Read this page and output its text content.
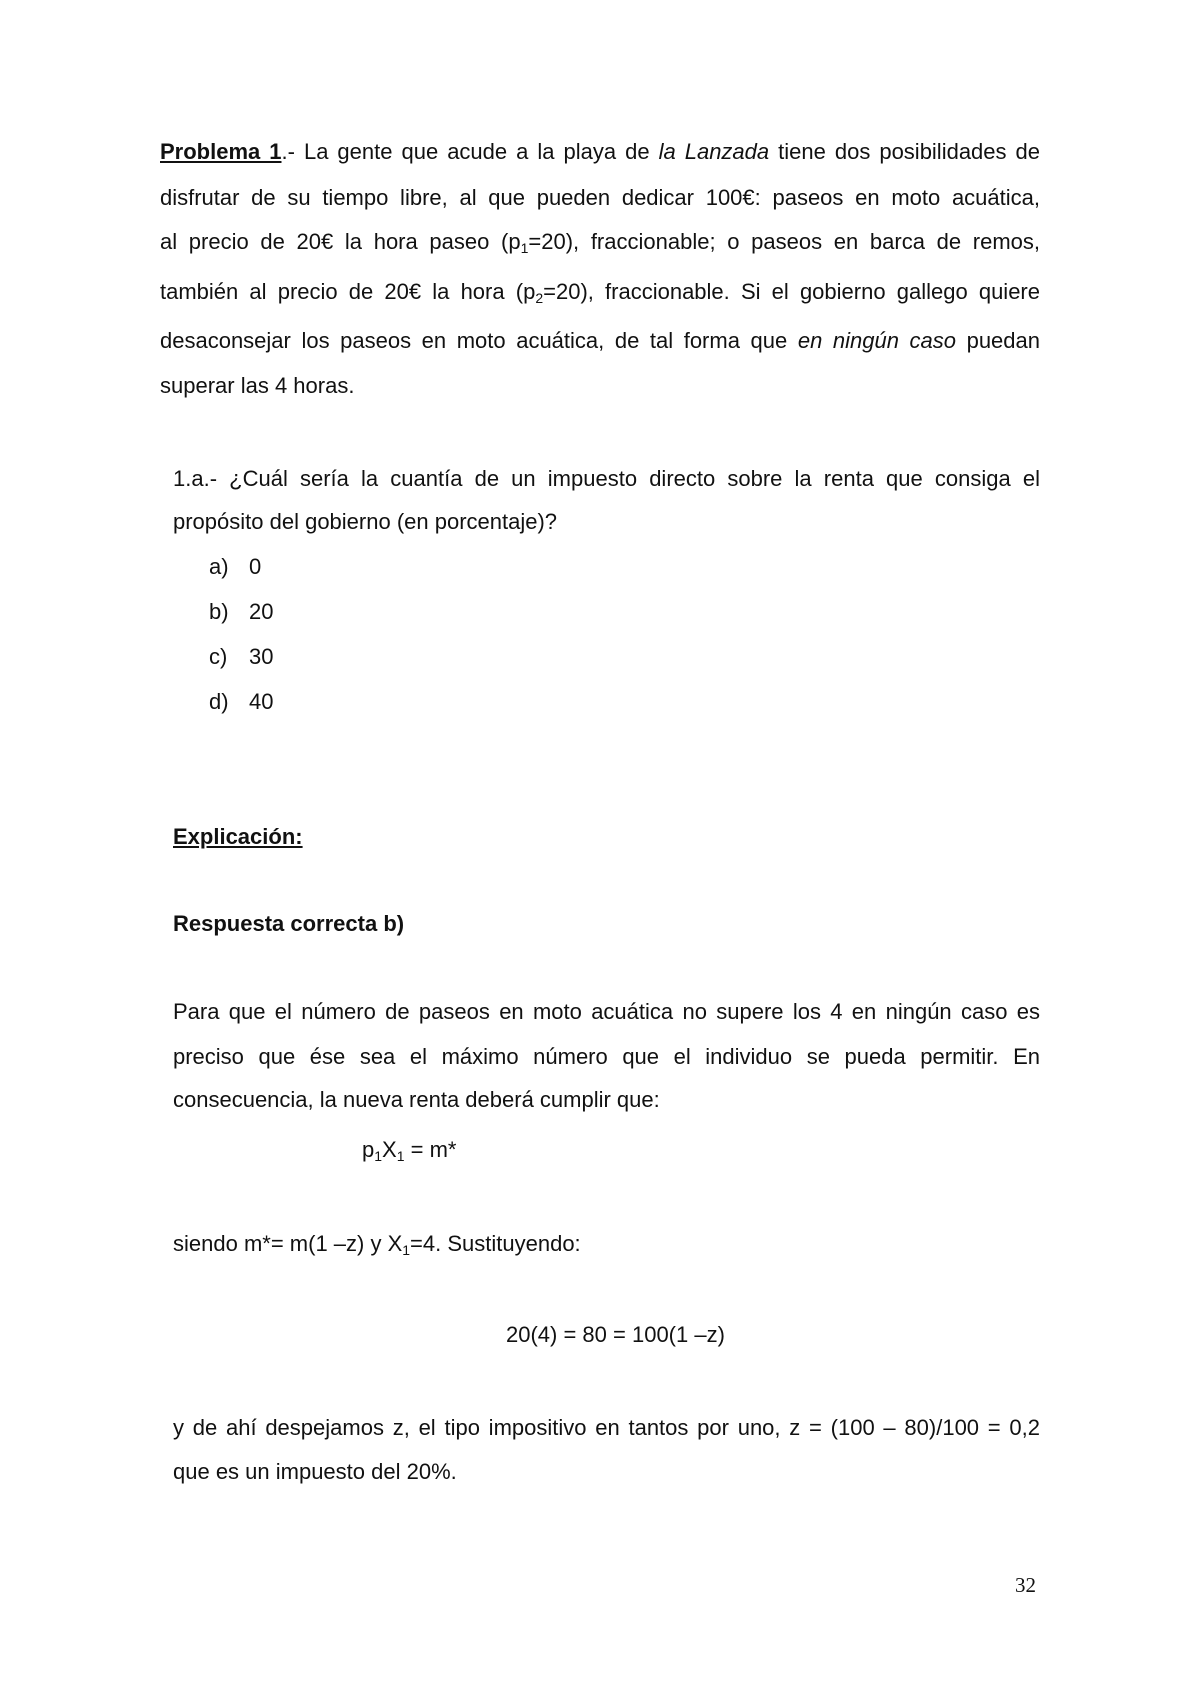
Problema 1.- La gente que acude a la playa de la Lanzada tiene dos posibilidades de
disfrutar de su tiempo libre, al que pueden dedicar 100€: paseos en moto acuática,
al precio de 20€ la hora paseo $(p_1=20)$, fraccionable; o paseos en barca de remos,
también al precio de 20€ la hora $(p_2=20)$, fraccionable. Si el gobierno gallego quiere
desaconsejar los paseos en moto acuática, de tal forma que en ningún caso puedan
superar las 4 horas.
1.a.- ¿Cuál sería la cuantía de un impuesto directo sobre la renta que consiga el
propósito del gobierno (en porcentaje)?
a) 0
b) 20
c) 30
d) 40
Explicación:
Respuesta correcta b)
Para que el número de paseos en moto acuática no supere los 4 en ningún caso es
preciso que ése sea el máximo número que el individuo se pueda permitir. En
consecuencia, la nueva renta deberá cumplir que:
$p_1X_1 = m*$
siendo m*= m(1 –z) y $X_1=4$. Sustituyendo:
20(4) = 80 = 100(1 –z)
y de ahí despejamos z, el tipo impositivo en tantos por uno, z = (100 – 80)/100 = 0,2
que es un impuesto del 20%.
32
